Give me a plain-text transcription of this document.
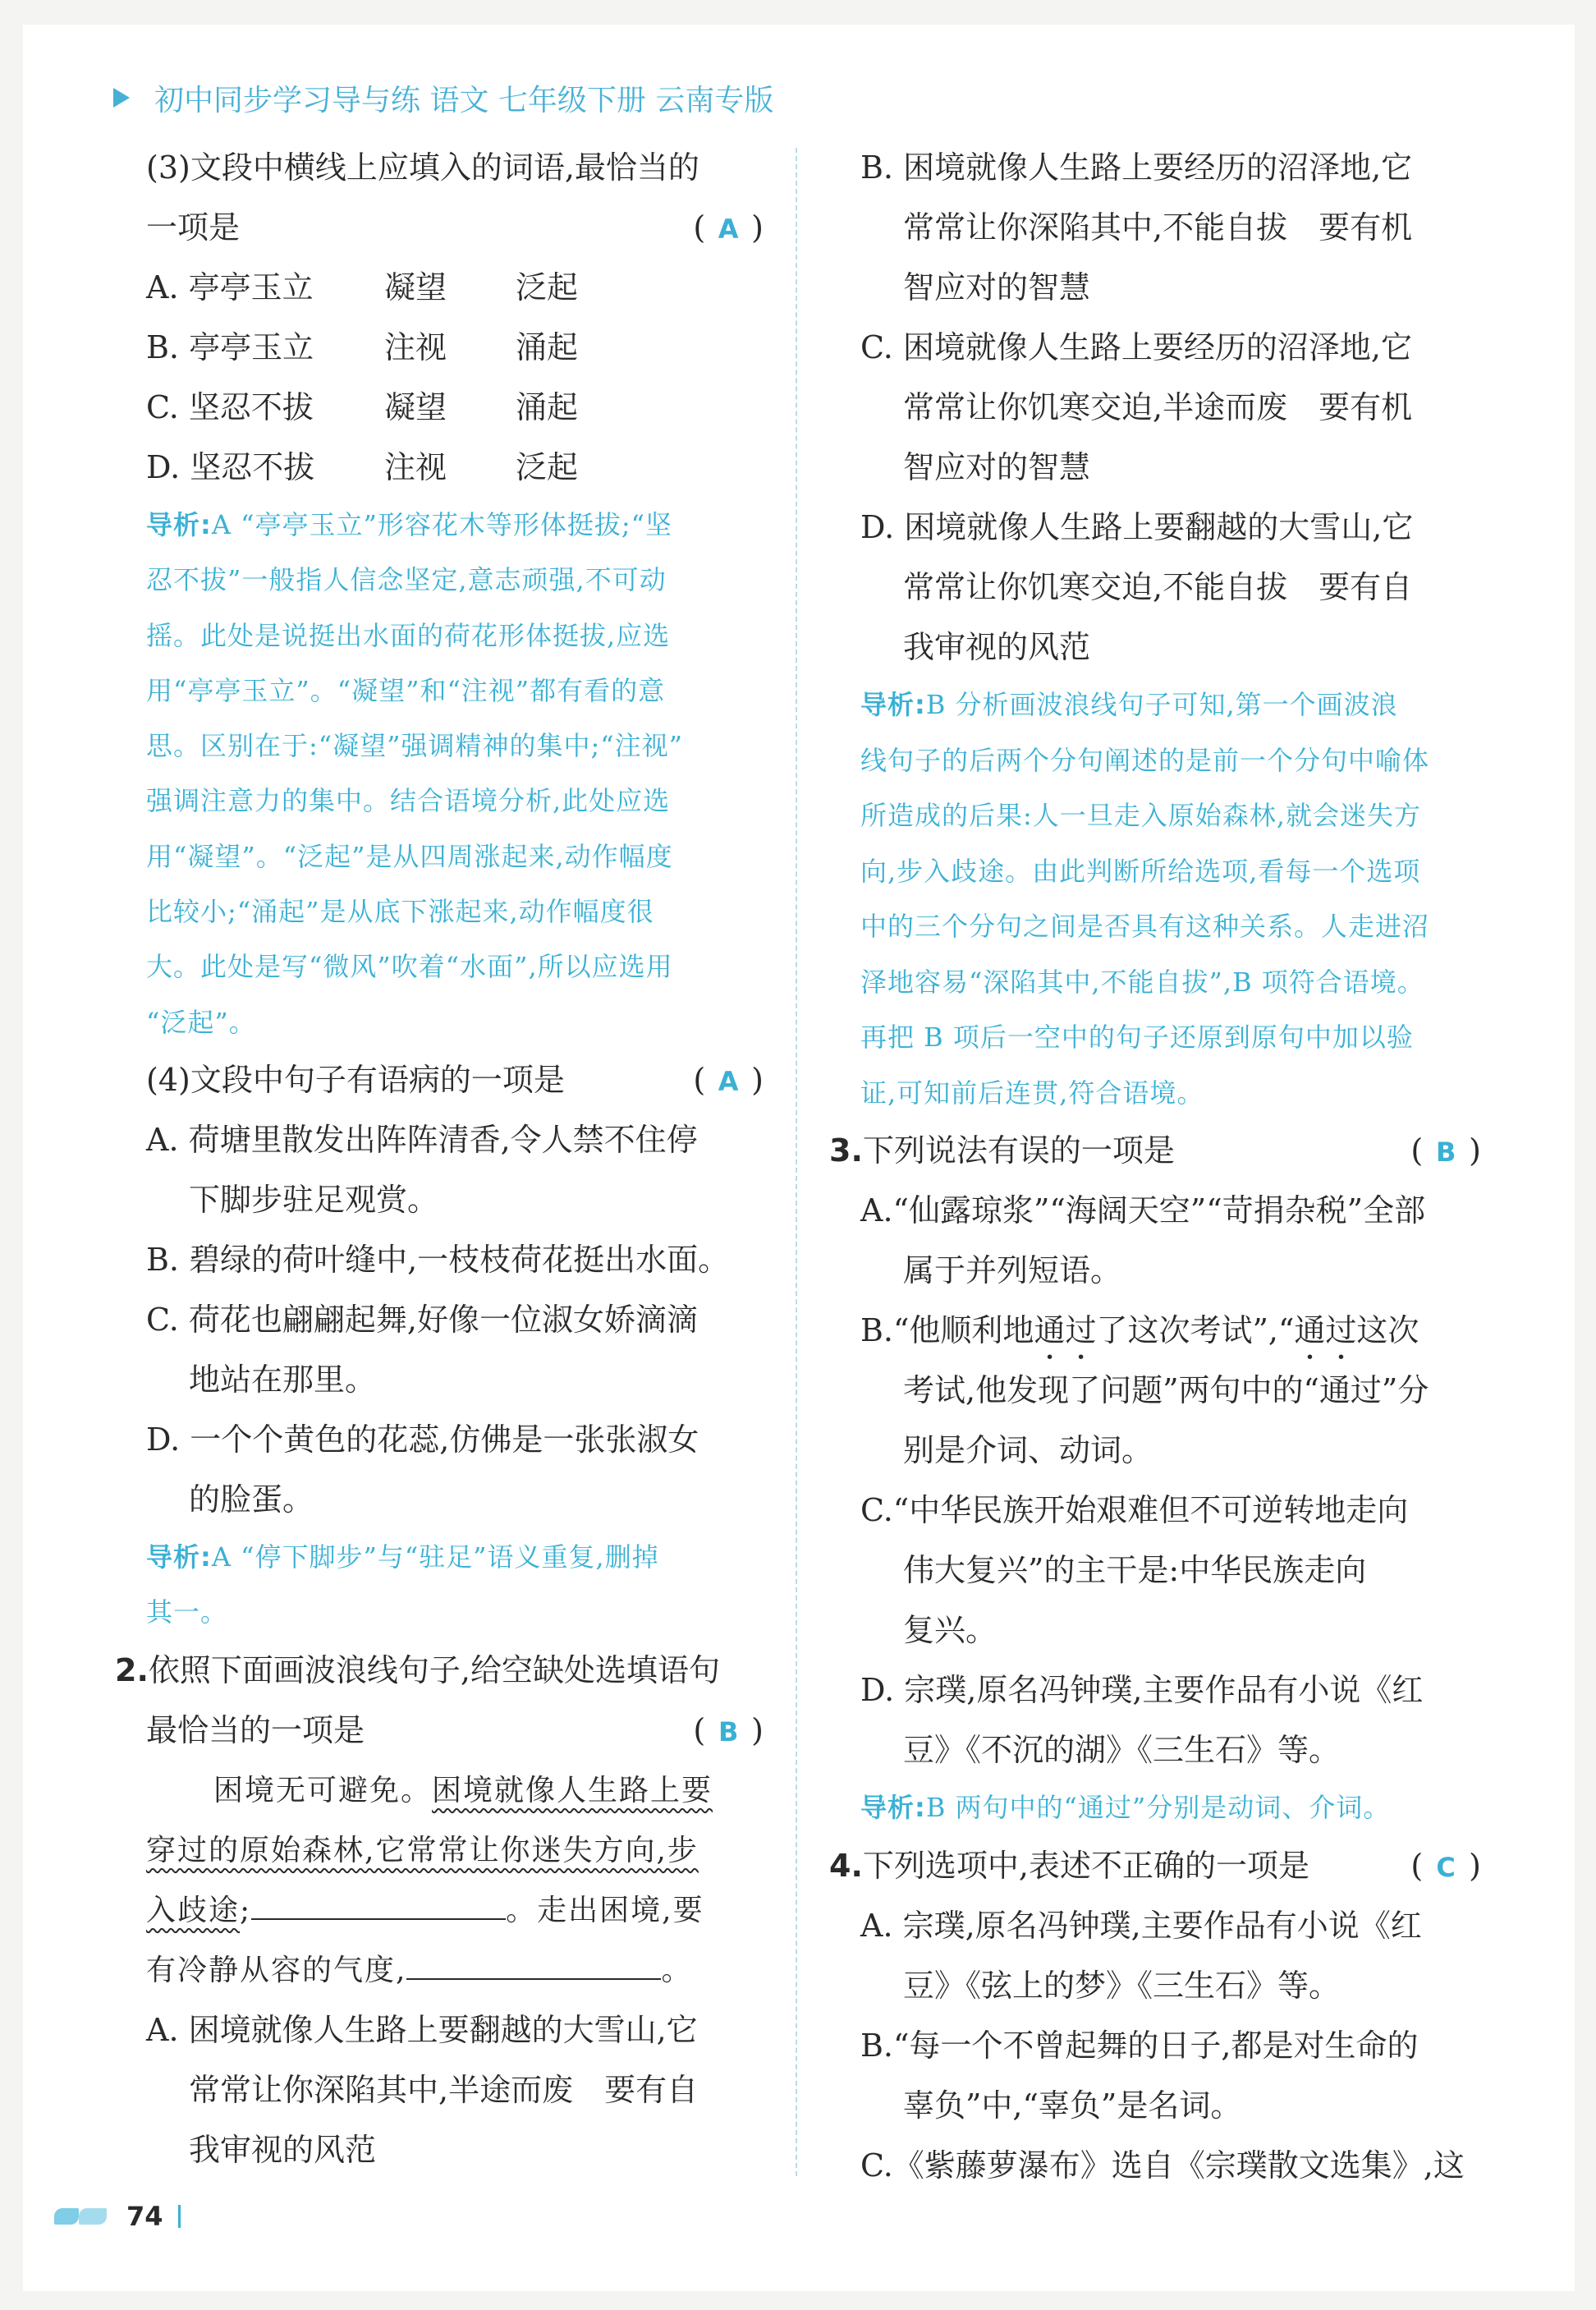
初中同步学习导与练 语文 七年级下册 云南专版
(3)文段中横线上应填入的词语,最恰当的
一项是	( A )
A. 亭亭玉立	凝望	泛起
B. 亭亭玉立	注视	涌起
C. 坚忍不拔	凝望	涌起
D. 坚忍不拔	注视	泛起
导析:A “亭亭玉立”形容花木等形体挺拔;“坚
忍不拔”一般指人信念坚定,意志顽强,不可动
摇。此处是说挺出水面的荷花形体挺拔,应选
用“亭亭玉立”。“凝望”和“注视”都有看的意
思。区别在于:“凝望”强调精神的集中;“注视”
强调注意力的集中。结合语境分析,此处应选
用“凝望”。“泛起”是从四周涨起来,动作幅度
比较小;“涌起”是从底下涨起来,动作幅度很
大。此处是写“微风”吹着“水面”,所以应选用
“泛起”。
(4)文段中句子有语病的一项是	( A )
A. 荷塘里散发出阵阵清香,令人禁不住停
下脚步驻足观赏。
B. 碧绿的荷叶缝中,一枝枝荷花挺出水面。
C. 荷花也翩翩起舞,好像一位淑女娇滴滴
地站在那里。
D. 一个个黄色的花蕊,仿佛是一张张淑女
的脸蛋。
导析:A “停下脚步”与“驻足”语义重复,删掉
其一。
2.依照下面画波浪线句子,给空缺处选填语句
最恰当的一项是	( B )
困境无可避免。困境就像人生路上要
穿过的原始森林,它常常让你迷失方向,步
入歧途;	。走出困境,要
有冷静从容的气度,	。
A. 困境就像人生路上要翻越的大雪山,它
常常让你深陷其中,半途而废　要有自
我审视的风范
B. 困境就像人生路上要经历的沼泽地,它
常常让你深陷其中,不能自拔　要有机
智应对的智慧
C. 困境就像人生路上要经历的沼泽地,它
常常让你饥寒交迫,半途而废　要有机
智应对的智慧
D. 困境就像人生路上要翻越的大雪山,它
常常让你饥寒交迫,不能自拔　要有自
我审视的风范
导析:B 分析画波浪线句子可知,第一个画波浪
线句子的后两个分句阐述的是前一个分句中喻体
所造成的后果:人一旦走入原始森林,就会迷失方
向,步入歧途。由此判断所给选项,看每一个选项
中的三个分句之间是否具有这种关系。人走进沼
泽地容易“深陷其中,不能自拔”,B 项符合语境。
再把 B 项后一空中的句子还原到原句中加以验
证,可知前后连贯,符合语境。
3.下列说法有误的一项是	( B )
A.“仙露琼浆”“海阔天空”“苛捐杂税”全部
属于并列短语。
B.“他顺利地通过了这次考试”,“通过这次
考试,他发现了问题”两句中的“通过”分
别是介词、动词。
C.“中华民族开始艰难但不可逆转地走向
伟大复兴”的主干是:中华民族走向
复兴。
D. 宗璞,原名冯钟璞,主要作品有小说《红
豆》《不沉的湖》《三生石》等。
导析:B 两句中的“通过”分别是动词、介词。
4.下列选项中,表述不正确的一项是	( C )
A. 宗璞,原名冯钟璞,主要作品有小说《红
豆》《弦上的梦》《三生石》等。
B.“每一个不曾起舞的日子,都是对生命的
辜负”中,“辜负”是名词。
C.《紫藤萝瀑布》选自《宗璞散文选集》,这
74
